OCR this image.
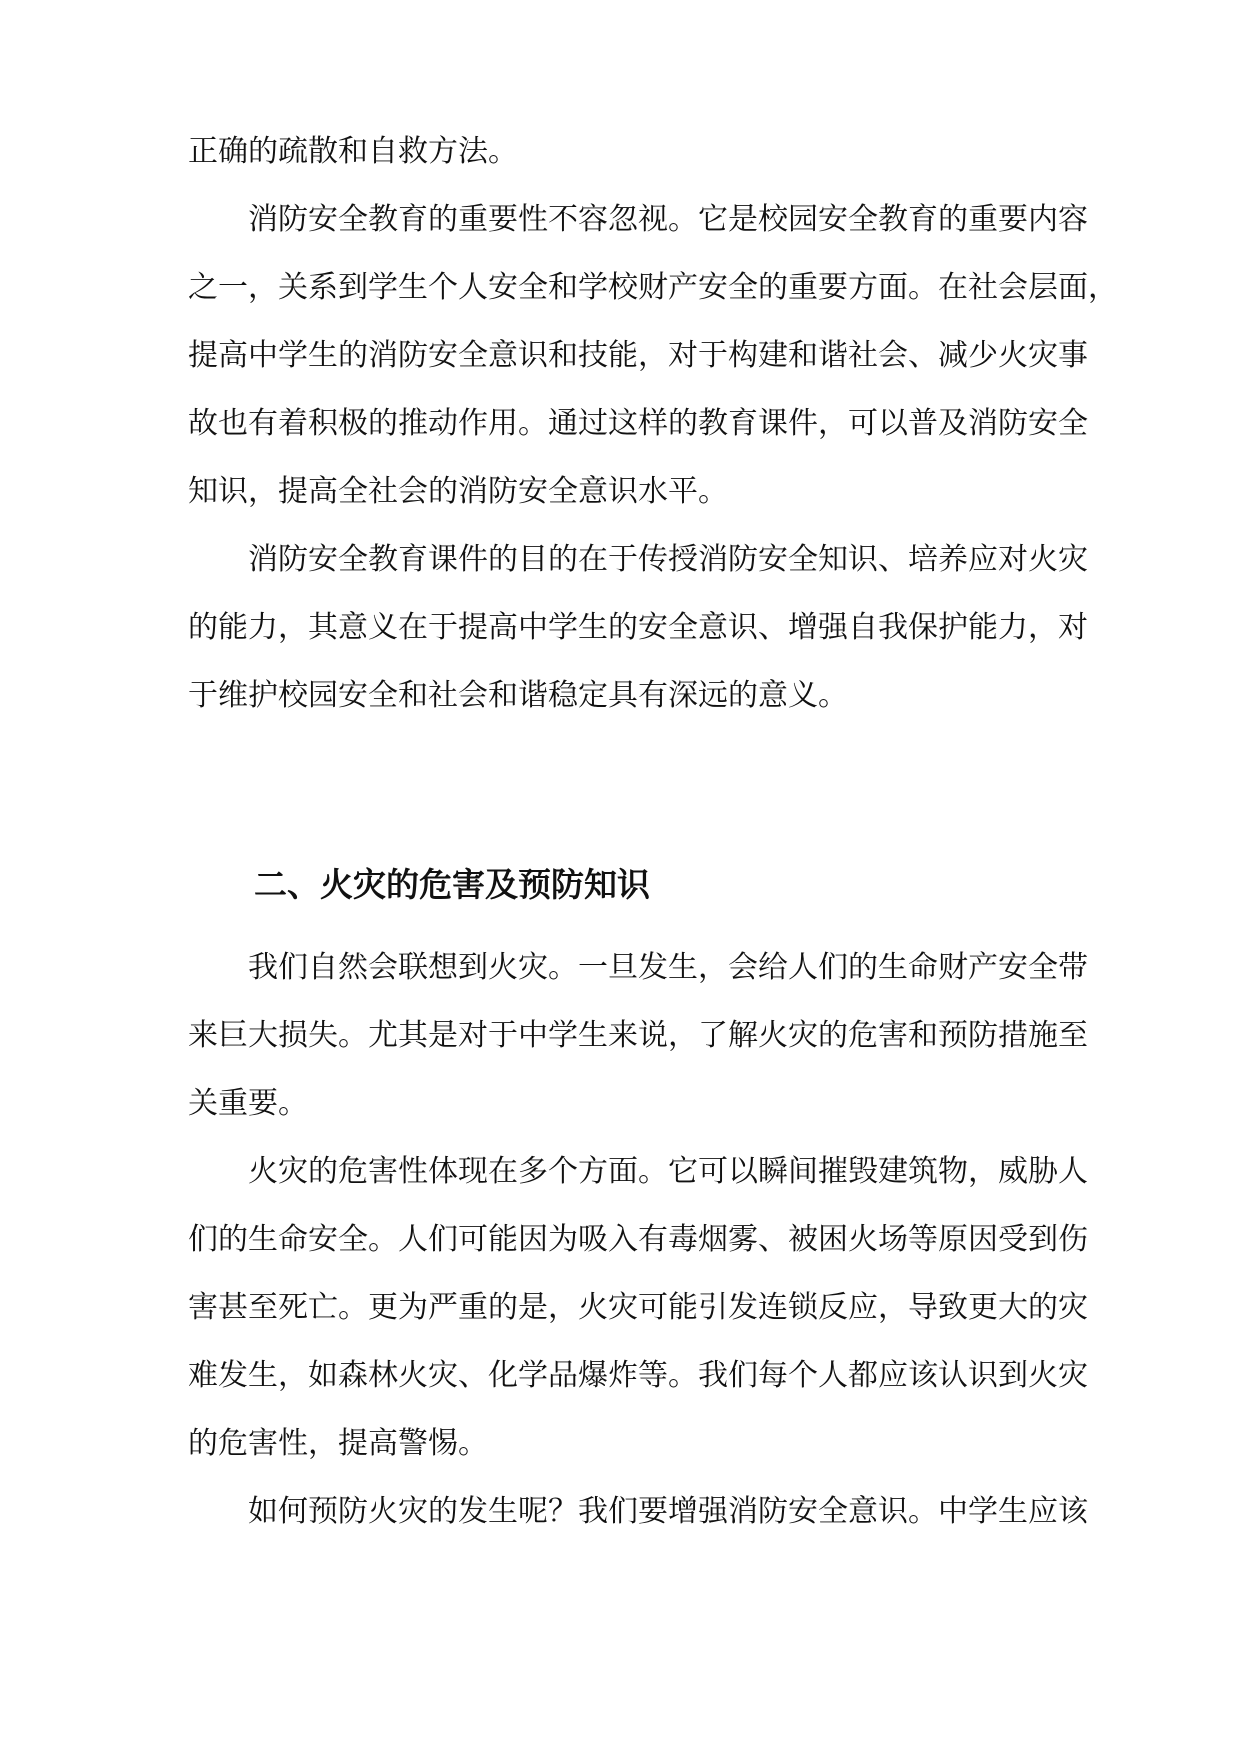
正确的疏散和自救方法。
消防安全教育的重要性不容忽视。它是校园安全教育的重要内容
之一，关系到学生个人安全和学校财产安全的重要方面。在社会层面，
提高中学生的消防安全意识和技能，对于构建和谐社会、减少火灾事
故也有着积极的推动作用。通过这样的教育课件，可以普及消防安全
知识，提高全社会的消防安全意识水平。
消防安全教育课件的目的在于传授消防安全知识、培养应对火灾
的能力，其意义在于提高中学生的安全意识、增强自我保护能力，对
于维护校园安全和社会和谐稳定具有深远的意义。
二、火灾的危害及预防知识
我们自然会联想到火灾。一旦发生，会给人们的生命财产安全带
来巨大损失。尤其是对于中学生来说，了解火灾的危害和预防措施至
关重要。
火灾的危害性体现在多个方面。它可以瞬间摧毁建筑物，威胁人
们的生命安全。人们可能因为吸入有毒烟雾、被困火场等原因受到伤
害甚至死亡。更为严重的是，火灾可能引发连锁反应，导致更大的灾
难发生，如森林火灾、化学品爆炸等。我们每个人都应该认识到火灾
的危害性，提高警惕。
如何预防火灾的发生呢？我们要增强消防安全意识。中学生应该
